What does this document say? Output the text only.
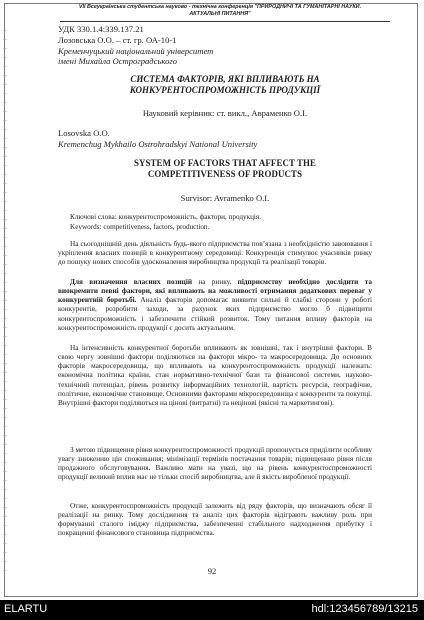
VII Всеукраїнська студентська науково - технічна конференція "ПРИРОДНИЧІ ТА ГУМАНІТАРНІ НАУКИ.
АКТУАЛЬНІ ПИТАННЯ"
УДК 330.1.4:339.137.21
Лозовська О.О. – ст. гр. ОА-10-1
Кременчуцький національний університет
імені Михайла Остроградського
СИСТЕМА ФАКТОРІВ, ЯКІ ВПЛИВАЮТЬ НА
КОНКУРЕНТОСПРОМОЖНІСТЬ ПРОДУКЦІЇ
Науковий керівник: ст. викл., Авраменко О.І.
Losovska O.O.
Kremenchug Mykhailo Ostrohradskyi National University
SYSTEM OF FACTORS THAT AFFECT THE
COMPETITIVENESS OF PRODUCTS
Survisor: Avramenko O.I.
Ключові слова: конкурентоспроможність, фактори, продукція.
Keywords: competitiveness, factors, production.

На сьогоднішній день діяльність будь-якого підприємства пов’язана з необхідністю завоювання і укріплення власних позицій в конкурентному середовищі. Конкуренція стимулює учасників ринку до пошуку нових способів удосконалення виробництва продукції та реалізації товарів.

Для визначення власних позицій на ринку, підприємству необхідно дослідити та виокремити певні фактори, які впливають на можливості отримання додаткових переваг у конкурентній боротьбі. Аналіз факторів допомагає виявити сильні й слабкі сторони у роботі конкурентів, розробити заходи, за рахунок яких підприємство могло б підвищити конкурентоспроможність і забезпечити стійкий розвиток. Тому питання впливу факторів на конкурентоспроможність продукції є досить актуальним.

На інтенсивність конкурентної боротьби впливають як зовнішні, так і внутрішні фактори. В свою чергу зовнішні фактори поділяються на фактори мікро- та макросередовища. До основних факторів макросередовища, що впливають на конкурентоспроможність продукції належать: економічна політика країни, стан нормативно-технічної бази та фінансової системи, науково-технічний потенціал, рівень розвитку інформаційних технологій, вартість ресурсів, географічне, політичне, економічне становище. Основними факторами мікросередовища є конкуренти та покупці. Внутрішні фактори поділяються на цінові (витратні) та нецінові (якісні та маркетингові).

З метою підвищення рівня конкурентоспроможності продукції пропонується приділити особливу увагу зниженню цін споживання; мінімізації термінів постачання товарів; підвищенню рівня після продажного обслуговування. Важливо мати на увазі, що на рівень конкурентоспроможності продукції великий вплив має не тільки спосіб виробництва, але й якість виробленої продукції.

Отже, конкурентоспроможність продукції залежить від ряду факторів, що визначають обсяг її реалізації на ринку. Тому дослідження та аналіз цих факторів відіграють важливу роль при формуванні сталого іміджу підприємства, забезпеченні стабільного надходження прибутку і покращенні фінансового становища підприємства.

92
ELARTU	hdl:123456789/13215
